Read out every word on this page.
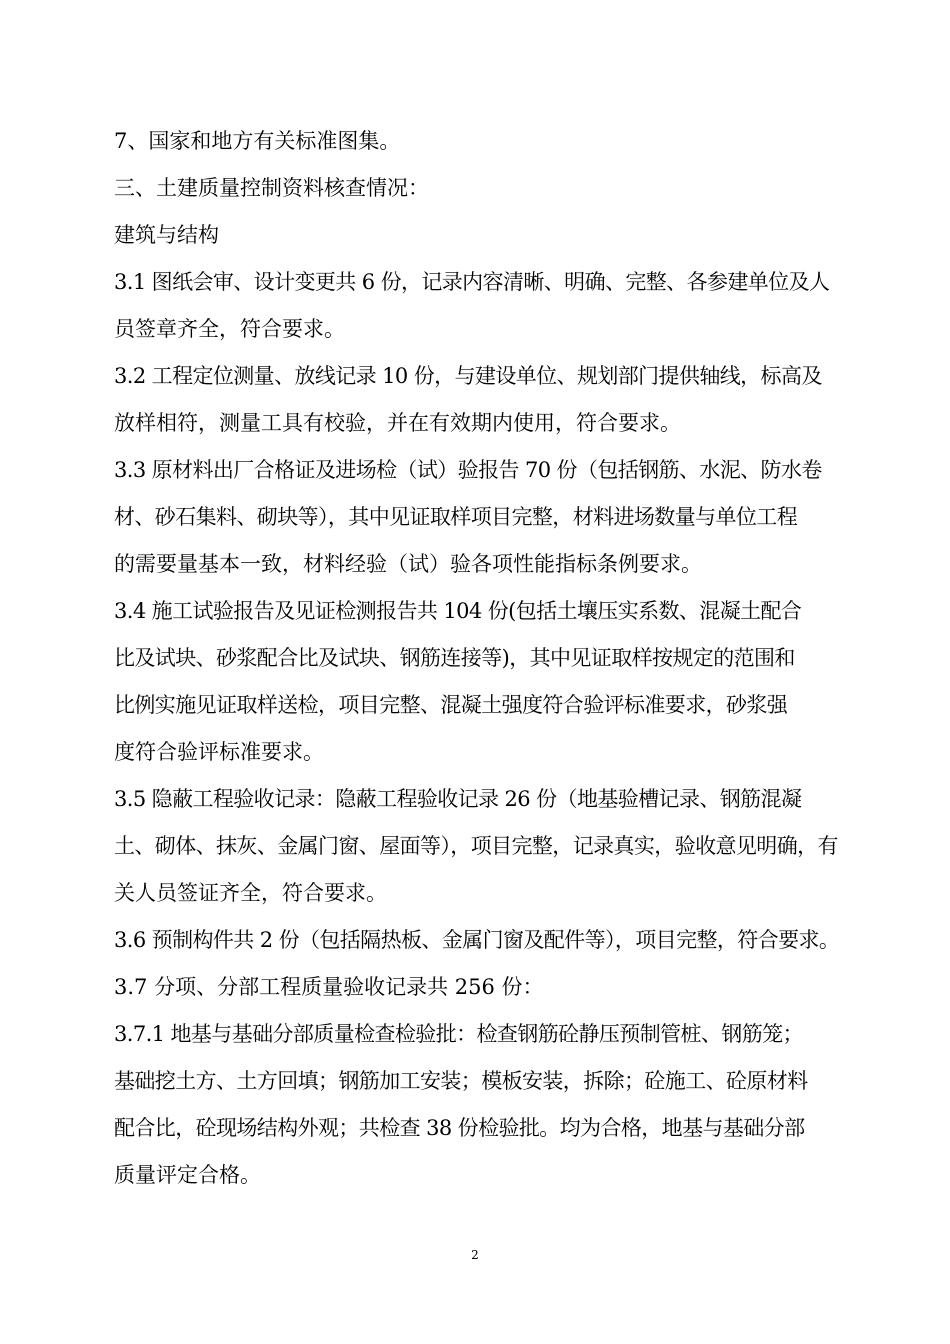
7、国家和地方有关标准图集。
三、土建质量控制资料核查情况：
建筑与结构
3.1 图纸会审、设计变更共 6 份，记录内容清晰、明确、完整、各参建单位及人
员签章齐全，符合要求。
3.2 工程定位测量、放线记录 10 份，与建设单位、规划部门提供轴线，标高及
放样相符，测量工具有校验，并在有效期内使用，符合要求。
3.3 原材料出厂合格证及进场检（试）验报告 70 份（包括钢筋、水泥、防水卷
材、砂石集料、砌块等），其中见证取样项目完整，材料进场数量与单位工程
的需要量基本一致，材料经验（试）验各项性能指标条例要求。
3.4 施工试验报告及见证检测报告共 104 份(包括土壤压实系数、混凝土配合
比及试块、砂浆配合比及试块、钢筋连接等)，其中见证取样按规定的范围和
比例实施见证取样送检，项目完整、混凝土强度符合验评标准要求，砂浆强
度符合验评标准要求。
3.5 隐蔽工程验收记录：隐蔽工程验收记录 26 份（地基验槽记录、钢筋混凝
土、砌体、抹灰、金属门窗、屋面等），项目完整，记录真实，验收意见明确，有
关人员签证齐全，符合要求。
3.6 预制构件共 2 份（包括隔热板、金属门窗及配件等），项目完整，符合要求。
3.7 分项、分部工程质量验收记录共 256 份：
3.7.1 地基与基础分部质量检查检验批：检查钢筋砼静压预制管桩、钢筋笼；
基础挖土方、土方回填；钢筋加工安装；模板安装，拆除；砼施工、砼原材料
配合比，砼现场结构外观；共检查 38 份检验批。均为合格，地基与基础分部
质量评定合格。
2
